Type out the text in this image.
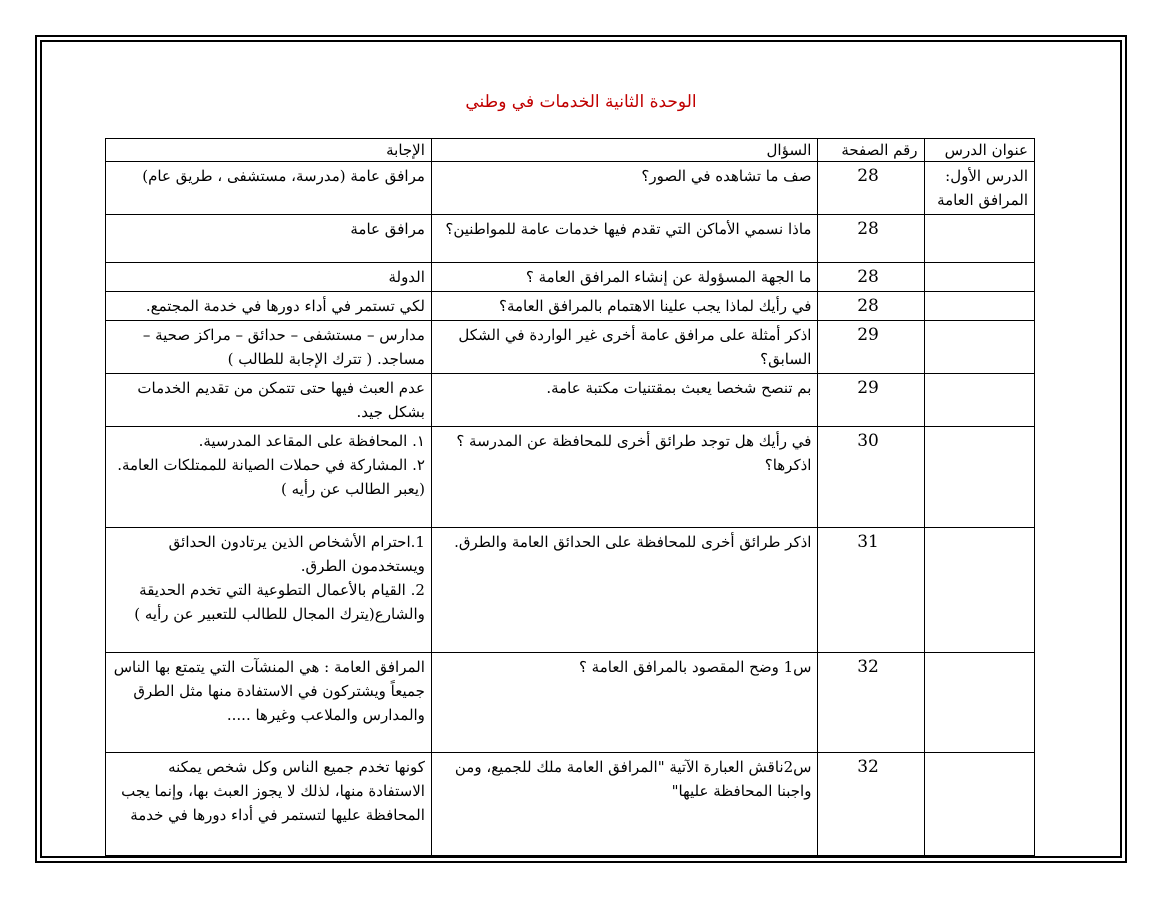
الوحدة الثانية الخدمات في وطني
عنوان الدرس	رقم الصفحة	السؤال	الإجابة
الدرس الأول: المرافق العامة	28	صف ما تشاهده في الصور؟	مرافق عامة (مدرسة، مستشفى ، طريق عام)

	28	ماذا نسمي الأماكن التي تقدم فيها خدمات عامة للمواطنين؟	مرافق عامة

	28	ما الجهة المسؤولة عن إنشاء المرافق العامة ؟	الدولة

	28	في رأيك لماذا يجب علينا الاهتمام بالمرافق العامة؟	لكي تستمر في أداء دورها في خدمة المجتمع.

	29	اذكر أمثلة على مرافق عامة أخرى غير الواردة في الشكل السابق؟	مدارس – مستشفى – حدائق – مراكز صحية – مساجد. ( تترك الإجابة للطالب )

	29	بم تنصح شخصا يعبث بمقتنيات مكتبة عامة.	عدم العبث فيها حتى تتمكن من تقديم الخدمات بشكل جيد.

	30	في رأيك هل توجد طرائق أخرى للمحافظة عن المدرسة ؟ اذكرها؟	١. المحافظة على المقاعد المدرسية.
٢. المشاركة في حملات الصيانة للممتلكات العامة.
(يعبر الطالب عن رأيه )

	31	اذكر طرائق أخرى للمحافظة على الحدائق العامة والطرق.	1.احترام الأشخاص الذين يرتادون الحدائق ويستخدمون الطرق.
2. القيام بالأعمال التطوعية التي تخدم الحديقة والشارع(يترك المجال للطالب للتعبير عن رأيه )

	32	س1 وضح المقصود بالمرافق العامة ؟	المرافق العامة : هي المنشآت التي يتمتع بها الناس جميعاً ويشتركون في الاستفادة منها مثل الطرق والمدارس والملاعب وغيرها .....

	32	س2ناقش العبارة الآتية "المرافق العامة ملك للجميع، ومن واجبنا المحافظة عليها"	كونها تخدم جميع الناس وكل شخص يمكنه الاستفادة منها، لذلك لا يجوز العبث بها، وإنما يجب المحافظة عليها لتستمر في أداء دورها في خدمة
